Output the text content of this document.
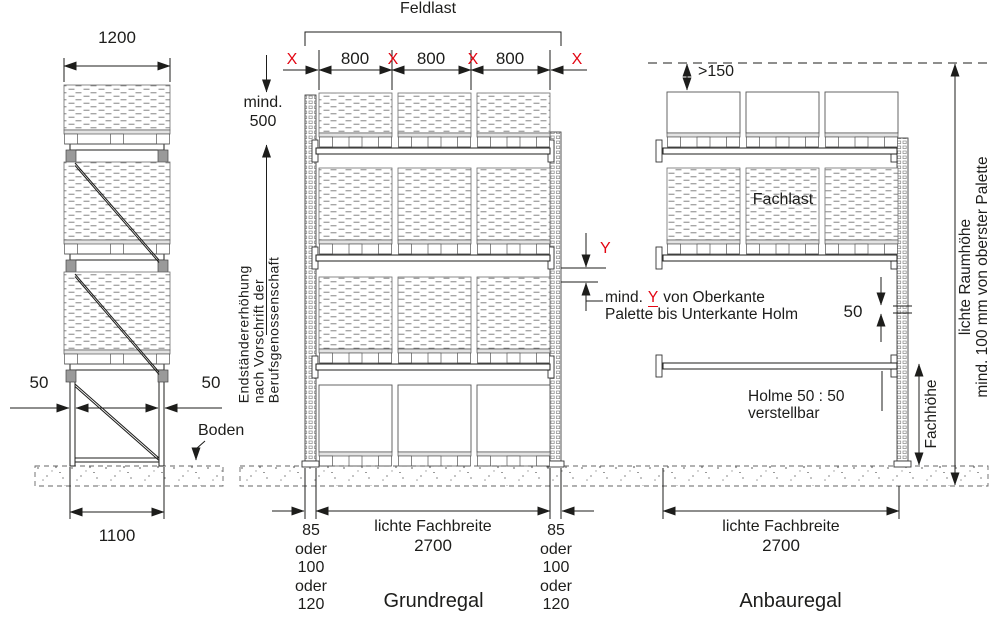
1200
50	50
Boden
1100
Feldlast
X	X	X	X
800	800	800
mind.
500
Endständererhöhung nach Vorschrift der Berufsgenossenschaft
Y
mind. Y von Oberkante
Palette bis Unterkante Holm
85
oder
100
oder
120
85
oder
100
oder
120
lichte Fachbreite
2700
Grundregal
>150
Fachlast
50
Holme 50 : 50
verstellbar	Fachhöhe
lichte Raumhöhe mind. 100 mm von oberster Palette
lichte Fachbreite
2700
Anbauregal
